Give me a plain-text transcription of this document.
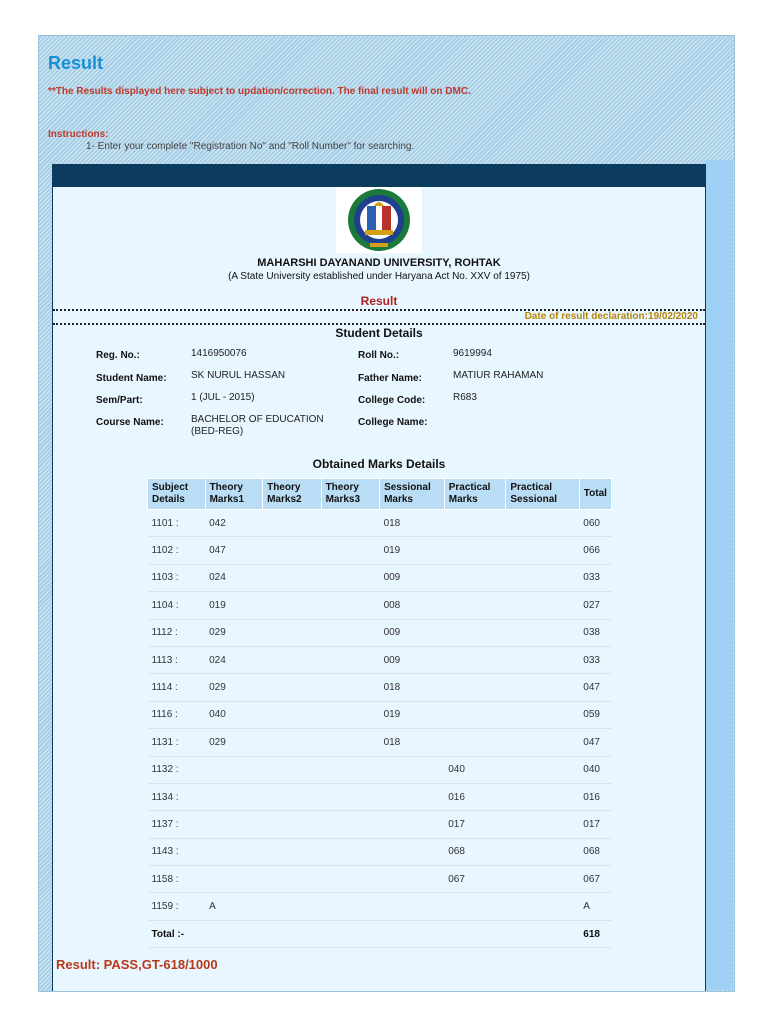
Result
**The Results displayed here subject to updation/correction. The final result will on DMC.
Instructions:
1- Enter your complete "Registration No" and "Roll Number" for searching.
MAHARSHI DAYANAND UNIVERSITY, ROHTAK
(A State University established under Haryana Act No. XXV of 1975)
Result
Date of result declaration:19/02/2020
Student Details
Reg. No.:	1416950076	Roll No.:	9619994
Student Name: SK NURUL HASSAN	Father Name:	MATIUR RAHAMAN
Sem/Part:	1 (JUL - 2015)	College Code:	R683
Course Name:	BACHELOR OF EDUCATION (BED-REG)
College Name:
Obtained Marks Details
Subject Details	Theory Marks1	Theory Marks2	Theory Marks3	Sessional Marks	Practical Marks	Practical Sessional	Total
1101 :	042			018			060
1102 :	047			019			066
1103 :	024			009			033
1104 :	019			008			027
1112 :	029			009			038
1113 :	024			009			033
1114 :	029			018			047
1116 :	040			019			059
1131 :	029			018			047
1132 :					040		040
1134 :					016		016
1137 :					017		017
1143 :					068		068
1158 :					067		067
1159 :	A						A
Total :-							618
Result: PASS,GT-618/1000
